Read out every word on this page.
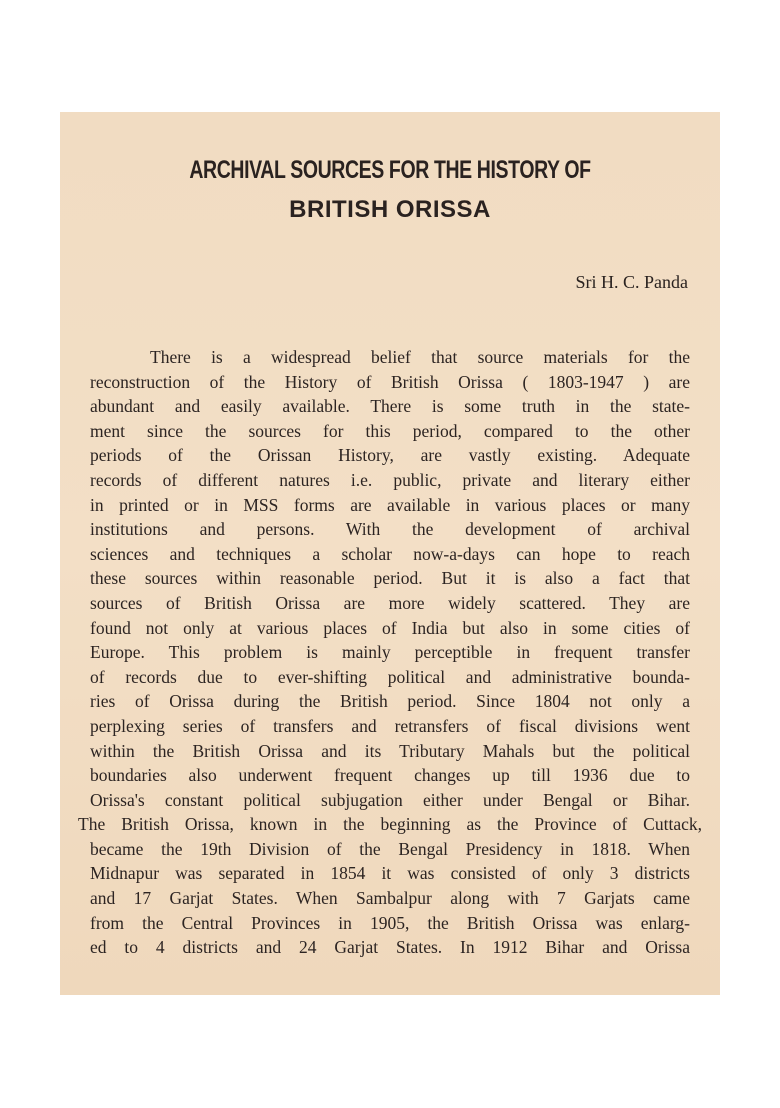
ARCHIVAL SOURCES FOR THE HISTORY OF
BRITISH ORISSA
Sri H. C. Panda
There is a widespread belief that source materials for the
reconstruction of the History of British Orissa ( 1803-1947 ) are
abundant and easily available. There is some truth in the state-
ment since the sources for this period, compared to the other
periods of the Orissan History, are vastly existing. Adequate
records of different natures i.e. public, private and literary either
in printed or in MSS forms are available in various places or many
institutions and persons. With the development of archival
sciences and techniques a scholar now-a-days can hope to reach
these sources within reasonable period. But it is also a fact that
sources of British Orissa are more widely scattered. They are
found not only at various places of India but also in some cities of
Europe. This problem is mainly perceptible in frequent transfer
of records due to ever-shifting political and administrative bounda-
ries of Orissa during the British period. Since 1804 not only a
perplexing series of transfers and retransfers of fiscal divisions went
within the British Orissa and its Tributary Mahals but the political
boundaries also underwent frequent changes up till 1936 due to
Orissa's constant political subjugation either under Bengal or Bihar.
The British Orissa, known in the beginning as the Province of Cuttack,
became the 19th Division of the Bengal Presidency in 1818. When
Midnapur was separated in 1854 it was consisted of only 3 districts
and 17 Garjat States. When Sambalpur along with 7 Garjats came
from the Central Provinces in 1905, the British Orissa was enlarg-
ed to 4 districts and 24 Garjat States. In 1912 Bihar and Orissa
